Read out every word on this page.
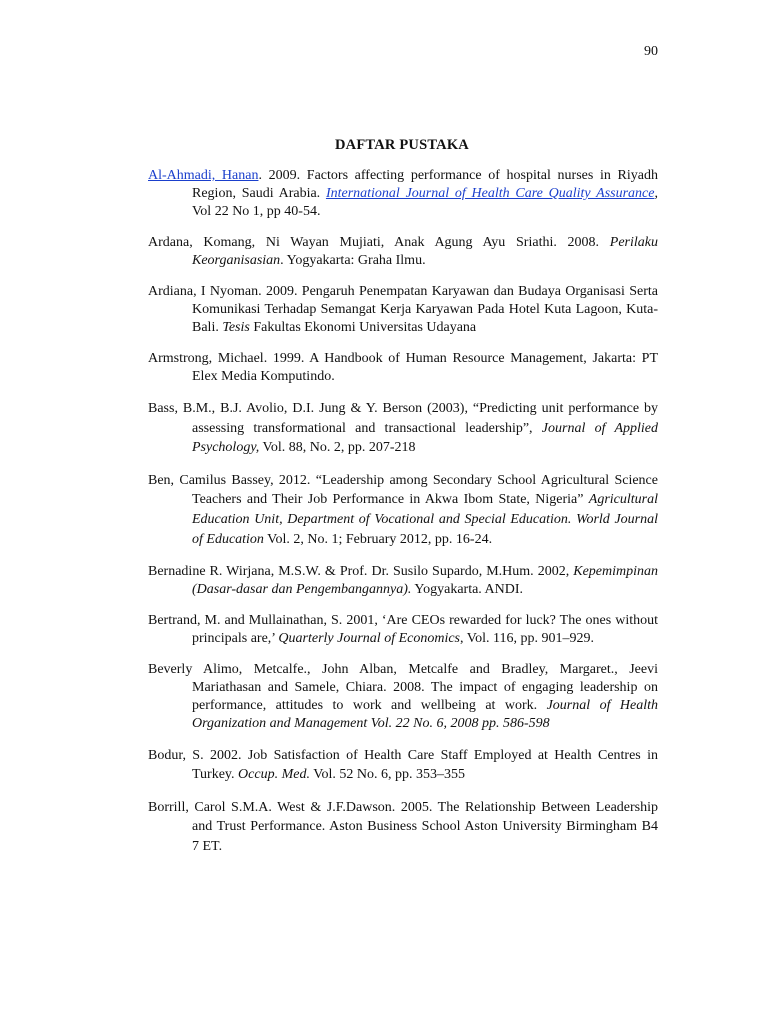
90
DAFTAR PUSTAKA

Al-Ahmadi, Hanan. 2009. Factors affecting performance of hospital nurses in Riyadh Region, Saudi Arabia. International Journal of Health Care Quality Assurance, Vol 22 No 1, pp 40-54.

Ardana, Komang, Ni Wayan Mujiati, Anak Agung Ayu Sriathi. 2008. Perilaku Keorganisasian. Yogyakarta: Graha Ilmu.

Ardiana, I Nyoman. 2009. Pengaruh Penempatan Karyawan dan Budaya Organisasi Serta Komunikasi Terhadap Semangat Kerja Karyawan Pada Hotel Kuta Lagoon, Kuta-Bali. Tesis Fakultas Ekonomi Universitas Udayana

Armstrong, Michael. 1999. A Handbook of Human Resource Management, Jakarta: PT Elex Media Komputindo.

Bass, B.M., B.J. Avolio, D.I. Jung & Y. Berson (2003), “Predicting unit performance by assessing transformational and transactional leadership”, Journal of Applied Psychology, Vol. 88, No. 2, pp. 207-218

Ben, Camilus Bassey, 2012. “Leadership among Secondary School Agricultural Science Teachers and Their Job Performance in Akwa Ibom State, Nigeria” Agricultural Education Unit, Department of Vocational and Special Education. World Journal of Education Vol. 2, No. 1; February 2012, pp. 16-24.

Bernadine R. Wirjana, M.S.W. & Prof. Dr. Susilo Supardo, M.Hum. 2002, Kepemimpinan (Dasar-dasar dan Pengembangannya). Yogyakarta. ANDI.

Bertrand, M. and Mullainathan, S. 2001, ‘Are CEOs rewarded for luck? The ones without principals are,’ Quarterly Journal of Economics, Vol. 116, pp. 901–929.

Beverly Alimo, Metcalfe., John Alban, Metcalfe and Bradley, Margaret., Jeevi Mariathasan and Samele, Chiara. 2008. The impact of engaging leadership on performance, attitudes to work and wellbeing at work. Journal of Health Organization and Management Vol. 22 No. 6, 2008 pp. 586-598

Bodur, S. 2002. Job Satisfaction of Health Care Staff Employed at Health Centres in Turkey. Occup. Med. Vol. 52 No. 6, pp. 353–355

Borrill, Carol S.M.A. West & J.F.Dawson. 2005. The Relationship Between Leadership and Trust Performance. Aston Business School Aston University Birmingham B4 7 ET.
